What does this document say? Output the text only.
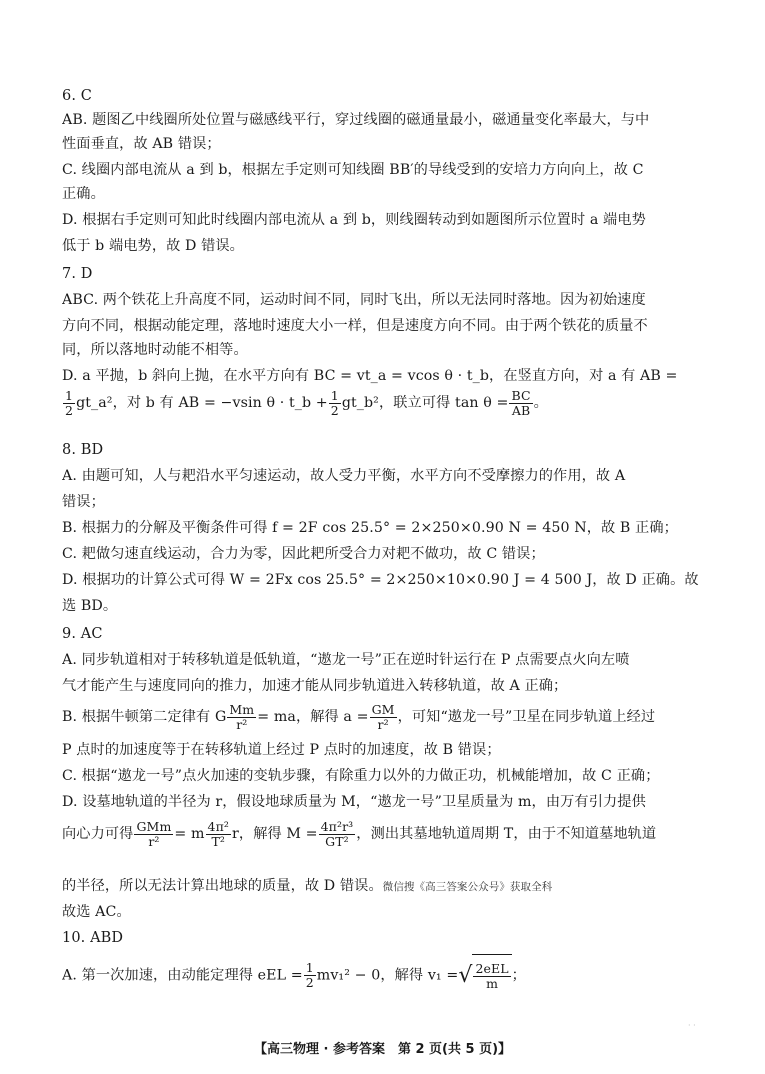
6. C
AB. 题图乙中线圈所处位置与磁感线平行，穿过线圈的磁通量最小，磁通量变化率最大，与中
性面垂直，故 AB 错误；
C. 线圈内部电流从 a 到 b，根据左手定则可知线圈 BB′的导线受到的安培力方向向上，故 C
正确。
D. 根据右手定则可知此时线圈内部电流从 a 到 b，则线圈转动到如题图所示位置时 a 端电势
低于 b 端电势，故 D 错误。
7. D
ABC. 两个铁花上升高度不同，运动时间不同，同时飞出，所以无法同时落地。因为初始速度
方向不同，根据动能定理，落地时速度大小一样，但是速度方向不同。由于两个铁花的质量不
同，所以落地时动能不相等。
D. a 平抛，b 斜向上抛，在水平方向有 BC = vt_a = vcos θ · t_b，在竖直方向，对 a 有 AB =
$\frac{1}{2}$ gt_a²，对 b 有 AB = −vsin θ · t_b + $\frac{1}{2}$ gt_b²，联立可得 $\tan \theta = \frac{BC}{AB}$ 。
8. BD
A. 由题可知，人与耙沿水平匀速运动，故人受力平衡，水平方向不受摩擦力的作用，故 A
错误；
B. 根据力的分解及平衡条件可得 f = 2F cos 25.5° = 2×250×0.90 N = 450 N，故 B 正确；
C. 耙做匀速直线运动，合力为零，因此耙所受合力对耙不做功，故 C 错误；
D. 根据功的计算公式可得 W = 2Fx cos 25.5° = 2×250×10×0.90 J = 4 500 J，故 D 正确。故
选 BD。
9. AC
A. 同步轨道相对于转移轨道是低轨道，“遨龙一号”正在逆时针运行在 P 点需要点火向左喷
气才能产生与速度同向的推力，加速才能从同步轨道进入转移轨道，故 A 正确；
B. 根据牛顿第二定律有 G $\frac{Mm}{\text{r²}}$ = ma，解得 $a = \frac{GM}{\text{r²}}$ ，可知“遨龙一号”卫星在同步轨道上经过
P 点时的加速度等于在转移轨道上经过 P 点时的加速度，故 B 错误；
C. 根据“遨龙一号”点火加速的变轨步骤，有除重力以外的力做正功，机械能增加，故 C 正确；
D. 设墓地轨道的半径为 r，假设地球质量为 M，“遨龙一号”卫星质量为 m，由万有引力提供
向心力可得 $\frac{\text{GMm}}{\text{r²}} = m \frac{\text{4π²}}{\text{T²}}$ r，解得 $M = \frac{\text{4π²r³}}{\text{GT²}}$ ，测出其墓地轨道周期 T，由于不知道墓地轨道
的半径，所以无法计算出地球的质量，故 D 错误。微信搜《高三答案公众号》获取全科
故选 AC。
10. ABD
A. 第一次加速，由动能定理得 eEL = $\frac{1}{2} mv_1^2 - 0$，解得 v₁ =√ $\frac{\text{2eEL}}{m}$ ；
· ·
【高三物理 · 参考答案　第 2 页(共 5 页)】
